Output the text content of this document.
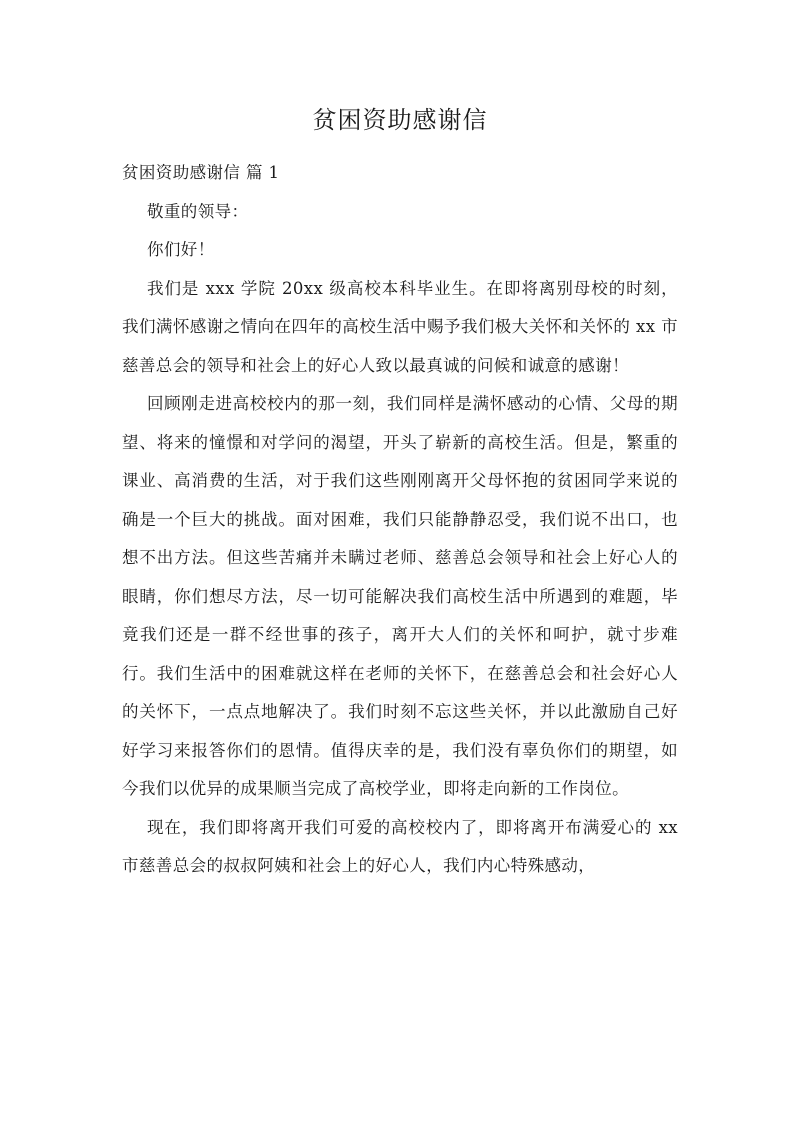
贫困资助感谢信

贫困资助感谢信 篇 1

敬重的领导：

你们好！

我们是 xxx 学院 20xx 级高校本科毕业生。在即将离别母校的时刻，我们满怀感谢之情向在四年的高校生活中赐予我们极大关怀和关怀的 xx 市慈善总会的领导和社会上的好心人致以最真诚的问候和诚意的感谢！

回顾刚走进高校校内的那一刻，我们同样是满怀感动的心情、父母的期望、将来的憧憬和对学问的渴望，开头了崭新的高校生活。但是，繁重的课业、高消费的生活，对于我们这些刚刚离开父母怀抱的贫困同学来说的确是一个巨大的挑战。面对困难，我们只能静静忍受，我们说不出口，也想不出方法。但这些苦痛并未瞒过老师、慈善总会领导和社会上好心人的眼睛，你们想尽方法，尽一切可能解决我们高校生活中所遇到的难题，毕竟我们还是一群不经世事的孩子，离开大人们的关怀和呵护，就寸步难行。我们生活中的困难就这样在老师的关怀下，在慈善总会和社会好心人的关怀下，一点点地解决了。我们时刻不忘这些关怀，并以此激励自己好好学习来报答你们的恩情。值得庆幸的是，我们没有辜负你们的期望，如今我们以优异的成果顺当完成了高校学业，即将走向新的工作岗位。

现在，我们即将离开我们可爱的高校校内了，即将离开布满爱心的 xx 市慈善总会的叔叔阿姨和社会上的好心人，我们内心特殊感动，
